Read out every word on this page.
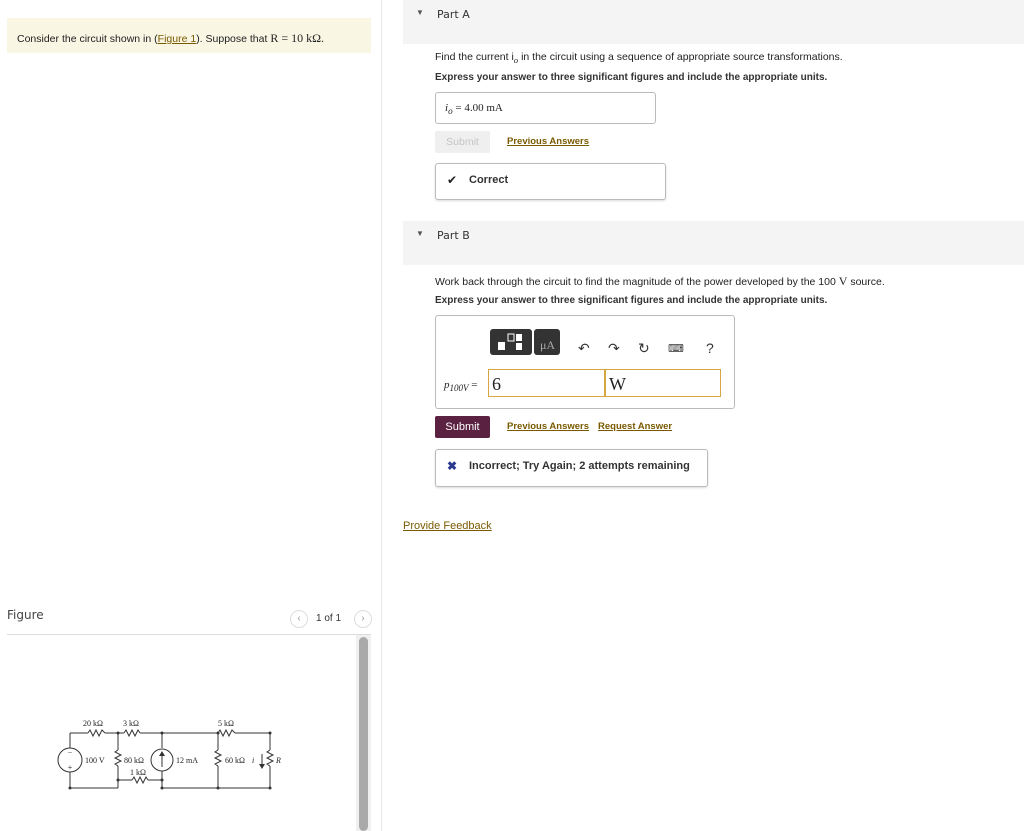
Consider the circuit shown in (Figure 1). Suppose that R = 10 kΩ.
▼ Part A
Find the current $i_o$ in the circuit using a sequence of appropriate source transformations.
Express your answer to three significant figures and include the appropriate units.
$i_o = 4.00$ mA
Submit	Previous Answers
✔ Correct
▼ Part B
Work back through the circuit to find the magnitude of the power developed by the 100 V source.
Express your answer to three significant figures and include the appropriate units.
μA ↶ ↷ ↻ ⌨ ?
$p_{100V} = 6$	W
Submit	Previous Answers Request Answer
✖ Incorrect; Try Again; 2 attempts remaining
Provide Feedback
Figure	‹	1 of 1	›
−
+
20 kΩ	3 kΩ	5 kΩ
100 V 80 kΩ	12 mA	60 kΩ i	R
1 kΩ
